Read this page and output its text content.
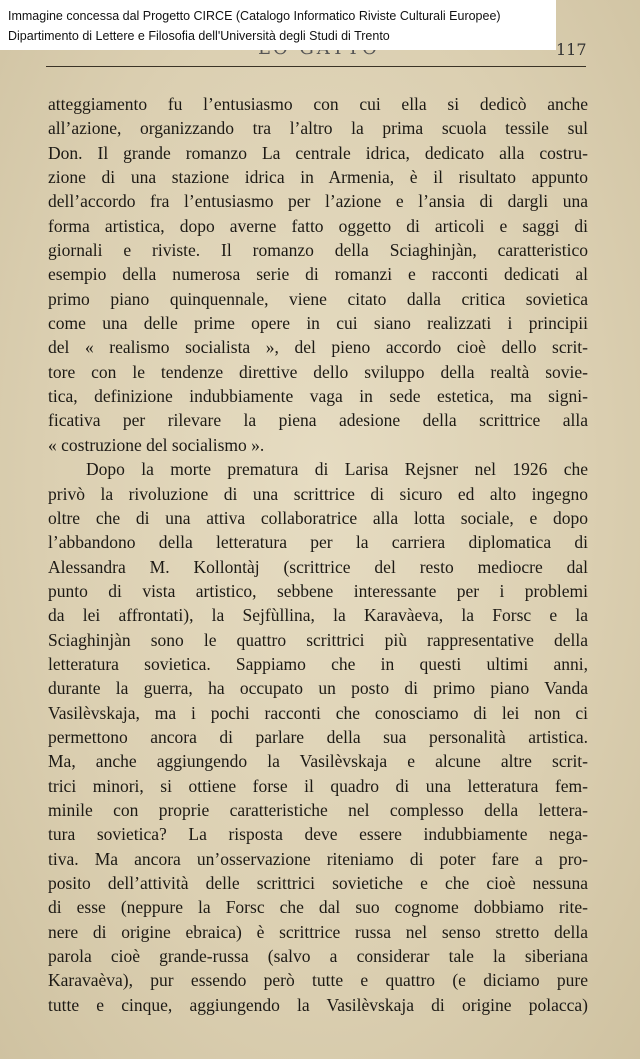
Immagine concessa dal Progetto CIRCE (Catalogo Informatico Riviste Culturali Europee)
Dipartimento di Lettere e Filosofia dell'Università degli Studi di Trento
117
atteggiamento fu l’entusiasmo con cui ella si dedicò anche
all’azione, organizzando tra l’altro la prima scuola tessile sul
Don. Il grande romanzo La centrale idrica, dedicato alla costru-
zione di una stazione idrica in Armenia, è il risultato appunto
dell’accordo fra l’entusiasmo per l’azione e l’ansia di dargli una
forma artistica, dopo averne fatto oggetto di articoli e saggi di
giornali e riviste. Il romanzo della Sciaghinjàn, caratteristico
esempio della numerosa serie di romanzi e racconti dedicati al
primo piano quinquennale, viene citato dalla critica sovietica
come una delle prime opere in cui siano realizzati i principii
del « realismo socialista », del pieno accordo cioè dello scrit-
tore con le tendenze direttive dello sviluppo della realtà sovie-
tica, definizione indubbiamente vaga in sede estetica, ma signi-
ficativa per rilevare la piena adesione della scrittrice alla
« costruzione del socialismo ».
Dopo la morte prematura di Larisa Rejsner nel 1926 che
privò la rivoluzione di una scrittrice di sicuro ed alto ingegno
oltre che di una attiva collaboratrice alla lotta sociale, e dopo
l’abbandono della letteratura per la carriera diplomatica di
Alessandra M. Kollontàj (scrittrice del resto mediocre dal
punto di vista artistico, sebbene interessante per i problemi
da lei affrontati), la Sejfùllina, la Karavàeva, la Forsc e la
Sciaghinjàn sono le quattro scrittrici più rappresentative della
letteratura sovietica. Sappiamo che in questi ultimi anni,
durante la guerra, ha occupato un posto di primo piano Vanda
Vasilèvskaja, ma i pochi racconti che conosciamo di lei non ci
permettono ancora di parlare della sua personalità artistica.
Ma, anche aggiungendo la Vasilèvskaja e alcune altre scrit-
trici minori, si ottiene forse il quadro di una letteratura fem-
minile con proprie caratteristiche nel complesso della lettera-
tura sovietica? La risposta deve essere indubbiamente nega-
tiva. Ma ancora un’osservazione riteniamo di poter fare a pro-
posito dell’attività delle scrittrici sovietiche e che cioè nessuna
di esse (neppure la Forsc che dal suo cognome dobbiamo rite-
nere di origine ebraica) è scrittrice russa nel senso stretto della
parola cioè grande-russa (salvo a considerar tale la siberiana
Karavaèva), pur essendo però tutte e quattro (e diciamo pure
tutte e cinque, aggiungendo la Vasilèvskaja di origine polacca)
